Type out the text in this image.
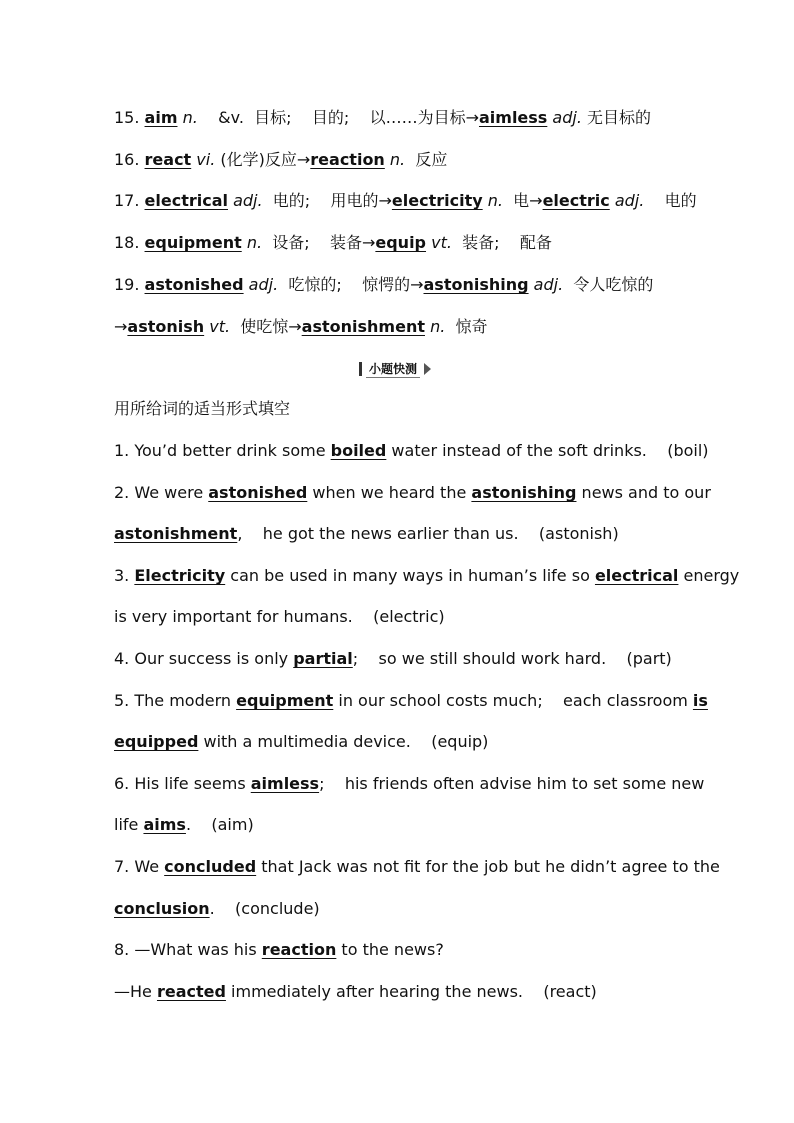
15. aim n.    &v.  目标;    目的;    以……为目标→aimless adj. 无目标的
16. react vi. (化学)反应→reaction n.  反应
17. electrical adj.  电的;    用电的→electricity n.  电→electric adj.    电的
18. equipment n.  设备;    装备→equip vt.  装备;    配备
19. astonished adj.  吃惊的;    惊愕的→astonishing adj.  令人吃惊的
→astonish vt.  使吃惊→astonishment n.  惊奇
小题快测
用所给词的适当形式填空
1. You’d better drink some boiled water instead of the soft drinks.    (boil)
2. We were astonished when we heard the astonishing news and to our
astonishment,    he got the news earlier than us.    (astonish)
3. Electricity can be used in many ways in human’s life so electrical energy
is very important for humans.    (electric)
4. Our success is only partial;    so we still should work hard.    (part)
5. The modern equipment in our school costs much;    each classroom is
equipped with a multimedia device.    (equip)
6. His life seems aimless ;    his friends often advise him to set some new
life aims.    (aim)
7. We concluded that Jack was not fit for the job but he didn’t agree to the
conclusion.    (conclude)
8. —What was his reaction to the news?
—He reacted immediately after hearing the news.    (react)
